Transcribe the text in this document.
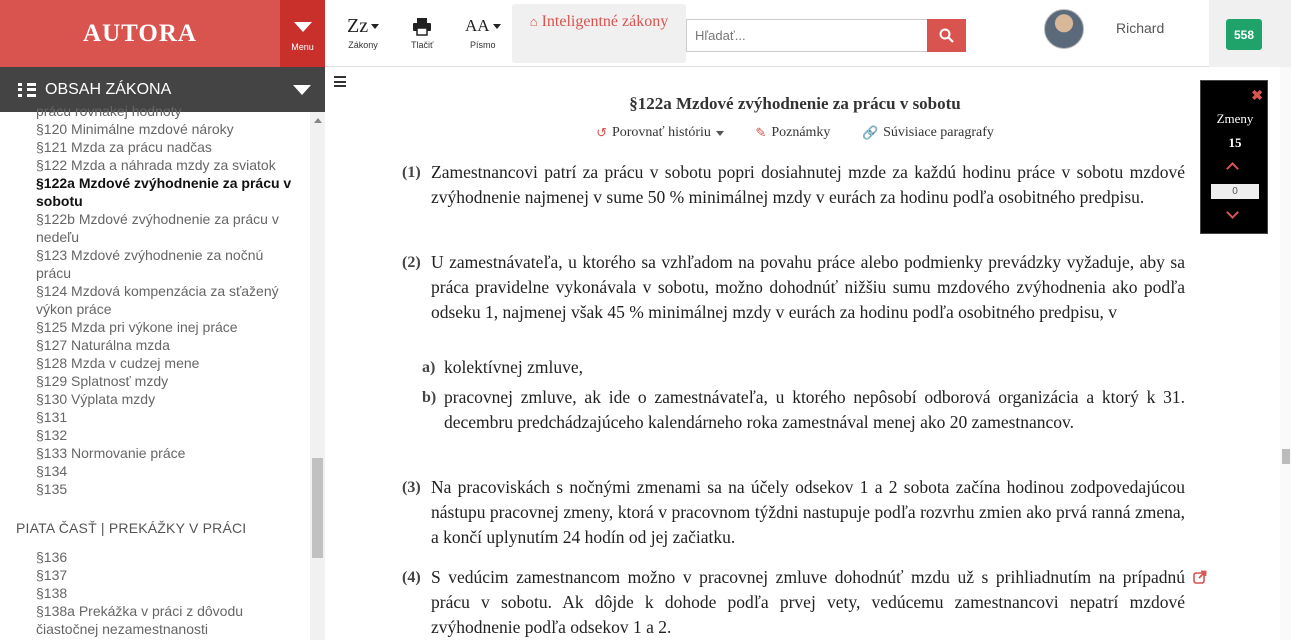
AUTORA	Menu
Zz
Zákony	Tlačiť
AA
Písmo
⌂ Inteligentné zákony
Hľadať...	Richard	558
OBSAH ZÁKONA
prácu rovnakej hodnoty
§120 Minimálne mzdové nároky
§121 Mzda za prácu nadčas
§122 Mzda a náhrada mzdy za sviatok
§122a Mzdové zvýhodnenie za prácu v sobotu
§122b Mzdové zvýhodnenie za prácu v nedeľu
§123 Mzdové zvýhodnenie za nočnú prácu
§124 Mzdová kompenzácia za sťažený výkon práce
§125 Mzda pri výkone inej práce
§127 Naturálna mzda
§128 Mzda v cudzej mene
§129 Splatnosť mzdy
§130 Výplata mzdy
§131
§132
§133 Normovanie práce
§134
§135
PIATA ČASŤ | PREKÁŽKY V PRÁCI
§136
§137
§138
§138a Prekážka v práci z dôvodu
čiastočnej nezamestnanosti
§122a Mzdové zvýhodnenie za prácu v sobotu
↺ Porovnať históriu
	✎ Poznámky
🔗 Súvisiace paragrafy
(1) Zamestnancovi patrí za prácu v sobotu popri dosiahnutej mzde za každú hodinu práce v sobotu mzdové zvýhodnenie najmenej v sume 50 % minimálnej mzdy v eurách za hodinu podľa osobitného predpisu.
(2) U zamestnávateľa, u ktorého sa vzhľadom na povahu práce alebo podmienky prevádzky vyžaduje, aby sa práca pravidelne vykonávala v sobotu, možno dohodnúť nižšiu sumu mzdového zvýhodnenia ako podľa odseku 1, najmenej však 45 % minimálnej mzdy v eurách za hodinu podľa osobitného predpisu, v
a) kolektívnej zmluve,
b) pracovnej zmluve, ak ide o zamestnávateľa, u ktorého nepôsobí odborová organizácia a ktorý k 31. decembru predchádzajúceho kalendárneho roka zamestnával menej ako 20 zamestnancov.
(3) Na pracoviskách s nočnými zmenami sa na účely odsekov 1 a 2 sobota začína hodinou zodpovedajúcou nástupu pracovnej zmeny, ktorá v pracovnom týždni nastupuje podľa rozvrhu zmien ako prvá ranná zmena, a končí uplynutím 24 hodín od jej začiatku.
(4) S vedúcim zamestnancom možno v pracovnej zmluve dohodnúť mzdu už s prihliadnutím na prípadnú prácu v sobotu. Ak dôjde k dohode podľa prvej vety, vedúcemu zamestnancovi nepatrí mzdové zvýhodnenie podľa odsekov 1 a 2.
✖
Zmeny
15
0
